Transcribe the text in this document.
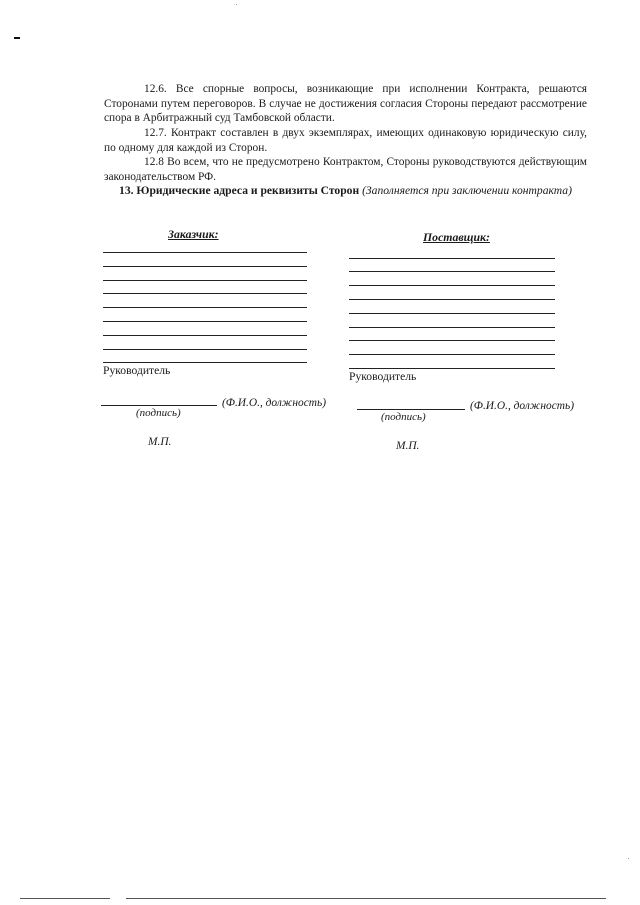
12.6. Все спорные вопросы, возникающие при исполнении Контракта, решаются Сторонами путем переговоров. В случае не достижения согласия Стороны передают рассмотрение спора в Арбитражный суд Тамбовской области.

12.7. Контракт составлен в двух экземплярах, имеющих одинаковую юридическую силу, по одному для каждой из Сторон.

12.8 Во всем, что не предусмотрено Контрактом, Стороны руководствуются действующим законодательством РФ.

13. Юридические адреса и реквизиты Сторон (Заполняется при заключении контракта)
Заказчик:
Руководитель
(Ф.И.О., должность)
(подпись)
М.П.
Поставщик:
Руководитель
(Ф.И.О., должность)
(подпись)
М.П.
